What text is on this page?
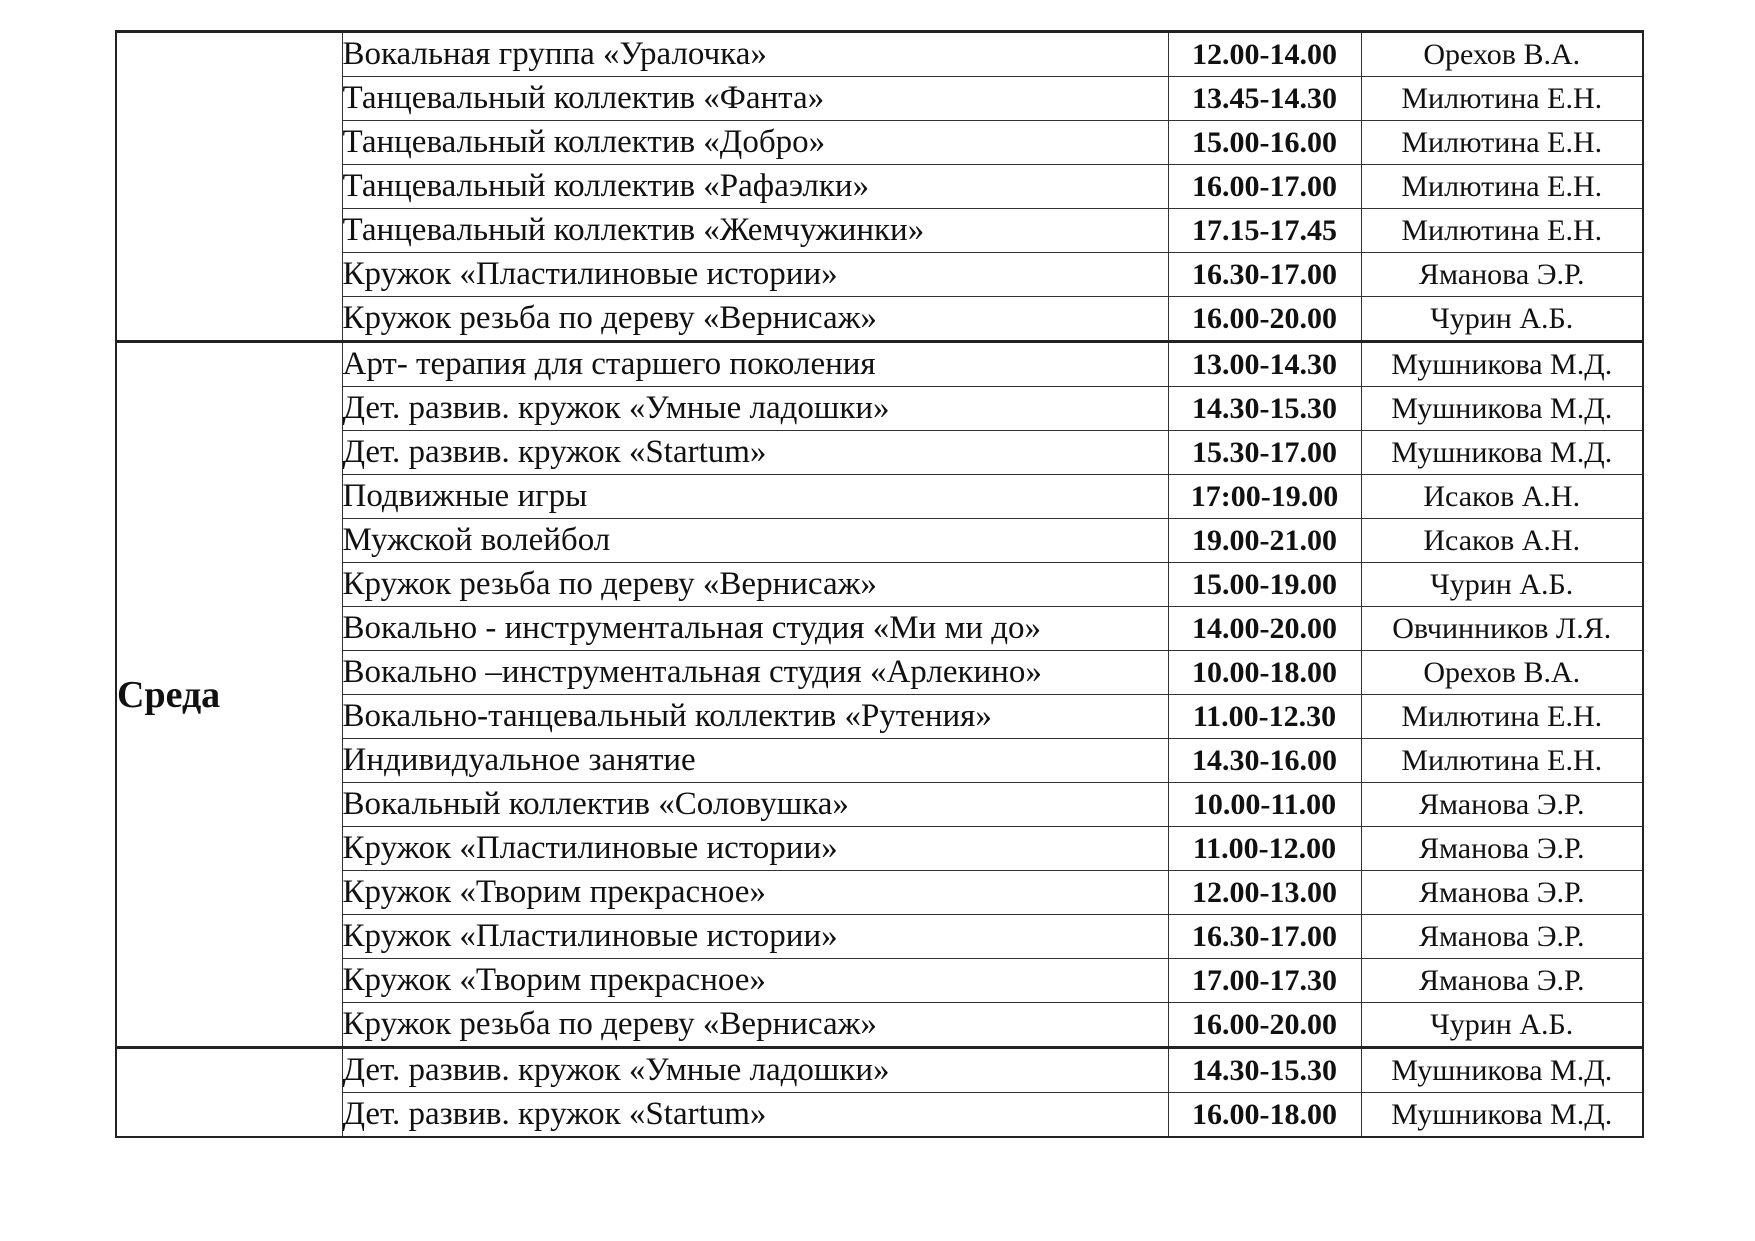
	Вокальная группа «Уралочка»	12.00-14.00	Орехов В.А.
	Танцевальный коллектив «Фанта»	13.45-14.30	Милютина Е.Н.
	Танцевальный коллектив «Добро»	15.00-16.00	Милютина Е.Н.
	Танцевальный коллектив «Рафаэлки»	16.00-17.00	Милютина Е.Н.
	Танцевальный коллектив «Жемчужинки»	17.15-17.45	Милютина Е.Н.
	Кружок «Пластилиновые истории»	16.30-17.00	Яманова Э.Р.
	Кружок резьба по дереву «Вернисаж»	16.00-20.00	Чурин А.Б.
Среда	Арт- терапия для старшего поколения	13.00-14.30	Мушникова М.Д.
	Дет. развив. кружок «Умные ладошки»	14.30-15.30	Мушникова М.Д.
	Дет. развив. кружок «Startum»	15.30-17.00	Мушникова М.Д.
	Подвижные игры	17:00-19.00	Исаков А.Н.
	Мужской волейбол	19.00-21.00	Исаков А.Н.
	Кружок резьба по дереву «Вернисаж»	15.00-19.00	Чурин А.Б.
	Вокально - инструментальная студия «Ми ми до»	14.00-20.00	Овчинников Л.Я.
	Вокально –инструментальная студия «Арлекино»	10.00-18.00	Орехов В.А.
	Вокально-танцевальный коллектив «Рутения»	11.00-12.30	Милютина Е.Н.
	Индивидуальное занятие	14.30-16.00	Милютина Е.Н.
	Вокальный коллектив «Соловушка»	10.00-11.00	Яманова Э.Р.
	Кружок «Пластилиновые истории»	11.00-12.00	Яманова Э.Р.
	Кружок «Творим прекрасное»	12.00-13.00	Яманова Э.Р.
	Кружок «Пластилиновые истории»	16.30-17.00	Яманова Э.Р.
	Кружок «Творим прекрасное»	17.00-17.30	Яманова Э.Р.
	Кружок резьба по дереву «Вернисаж»	16.00-20.00	Чурин А.Б.
	Дет. развив. кружок «Умные ладошки»	14.30-15.30	Мушникова М.Д.
	Дет. развив. кружок «Startum»	16.00-18.00	Мушникова М.Д.
